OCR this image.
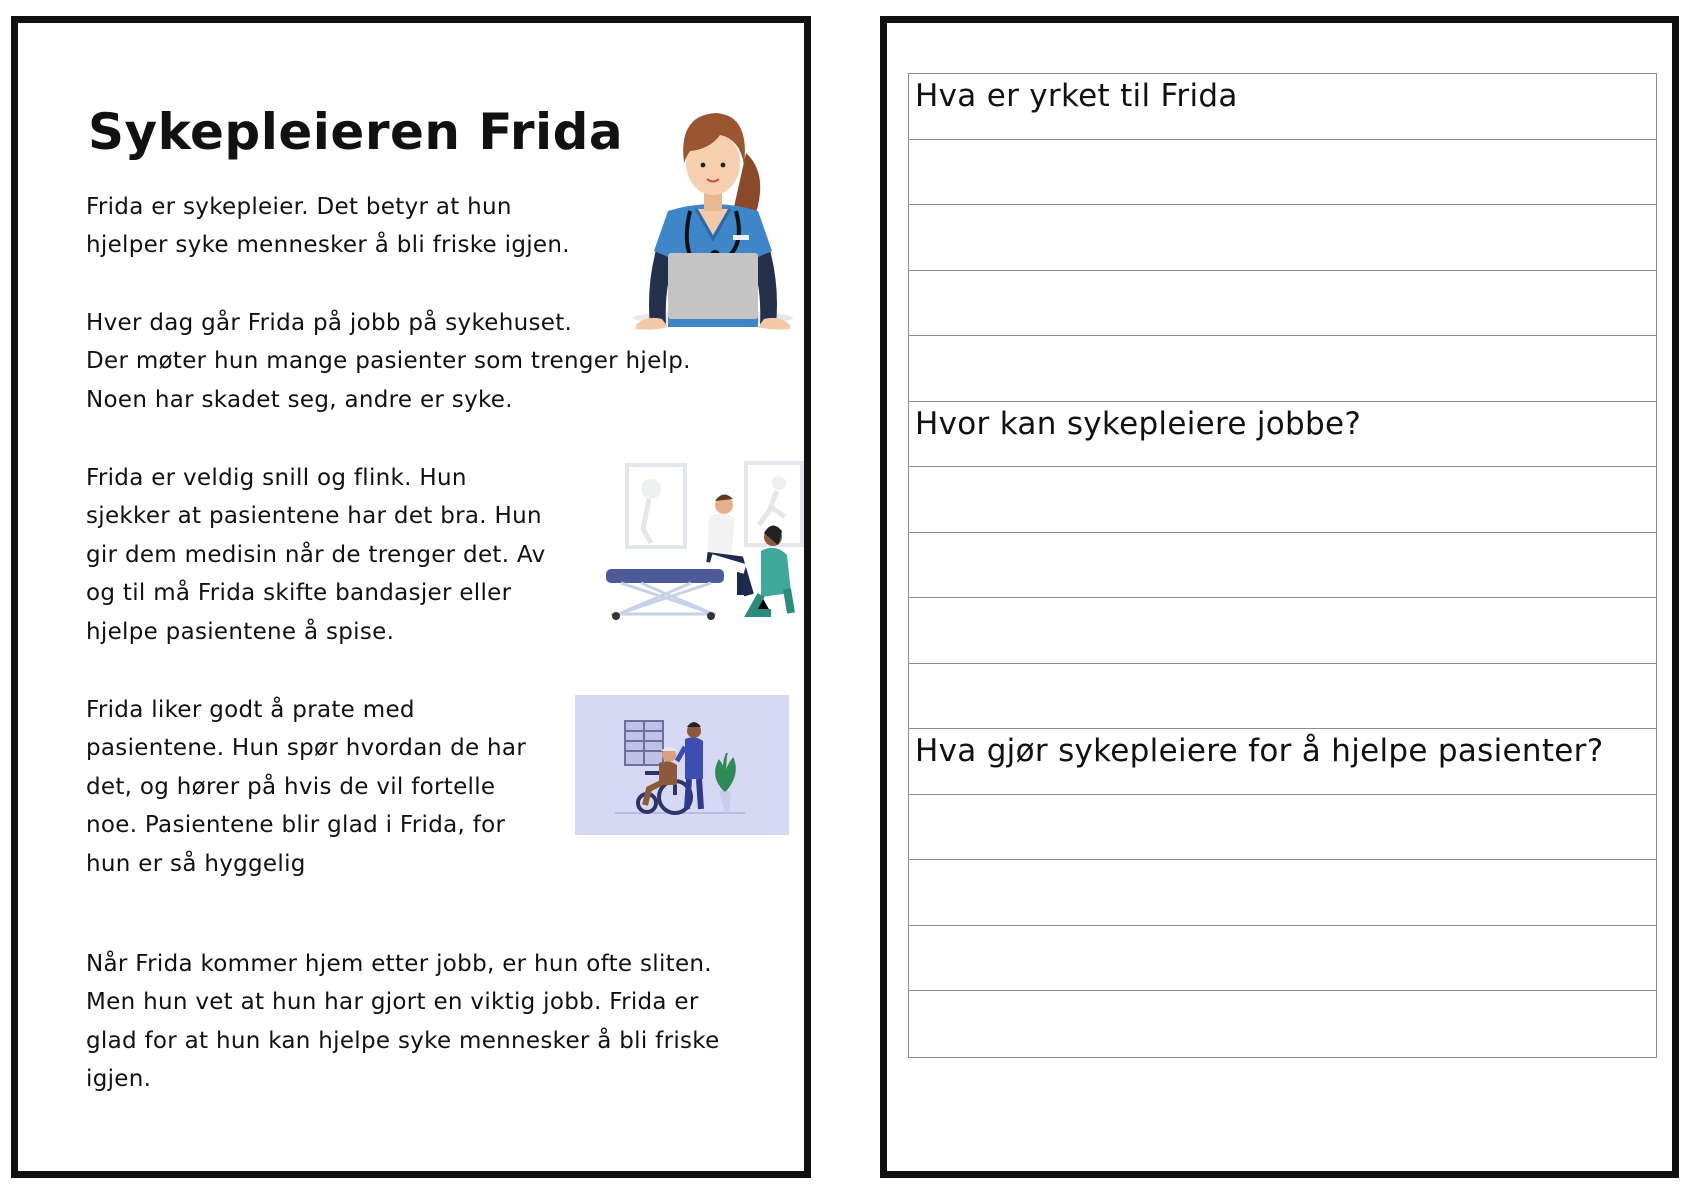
Sykepleieren Frida
Frida er sykepleier. Det betyr at hun
hjelper syke mennesker å bli friske igjen.
Hver dag går Frida på jobb på sykehuset.
Der møter hun mange pasienter som trenger hjelp.
Noen har skadet seg, andre er syke.
Frida er veldig snill og flink. Hun
sjekker at pasientene har det bra. Hun
gir dem medisin når de trenger det. Av
og til må Frida skifte bandasjer eller
hjelpe pasientene å spise.
Frida liker godt å prate med
pasientene. Hun spør hvordan de har
det, og hører på hvis de vil fortelle
noe. Pasientene blir glad i Frida, for
hun er så hyggelig
Når Frida kommer hjem etter jobb, er hun ofte sliten.
Men hun vet at hun har gjort en viktig jobb. Frida er
glad for at hun kan hjelpe syke mennesker å bli friske
igjen.
Hva er yrket til Frida
Hvor kan sykepleiere jobbe?
Hva gjør sykepleiere for å hjelpe pasienter?
